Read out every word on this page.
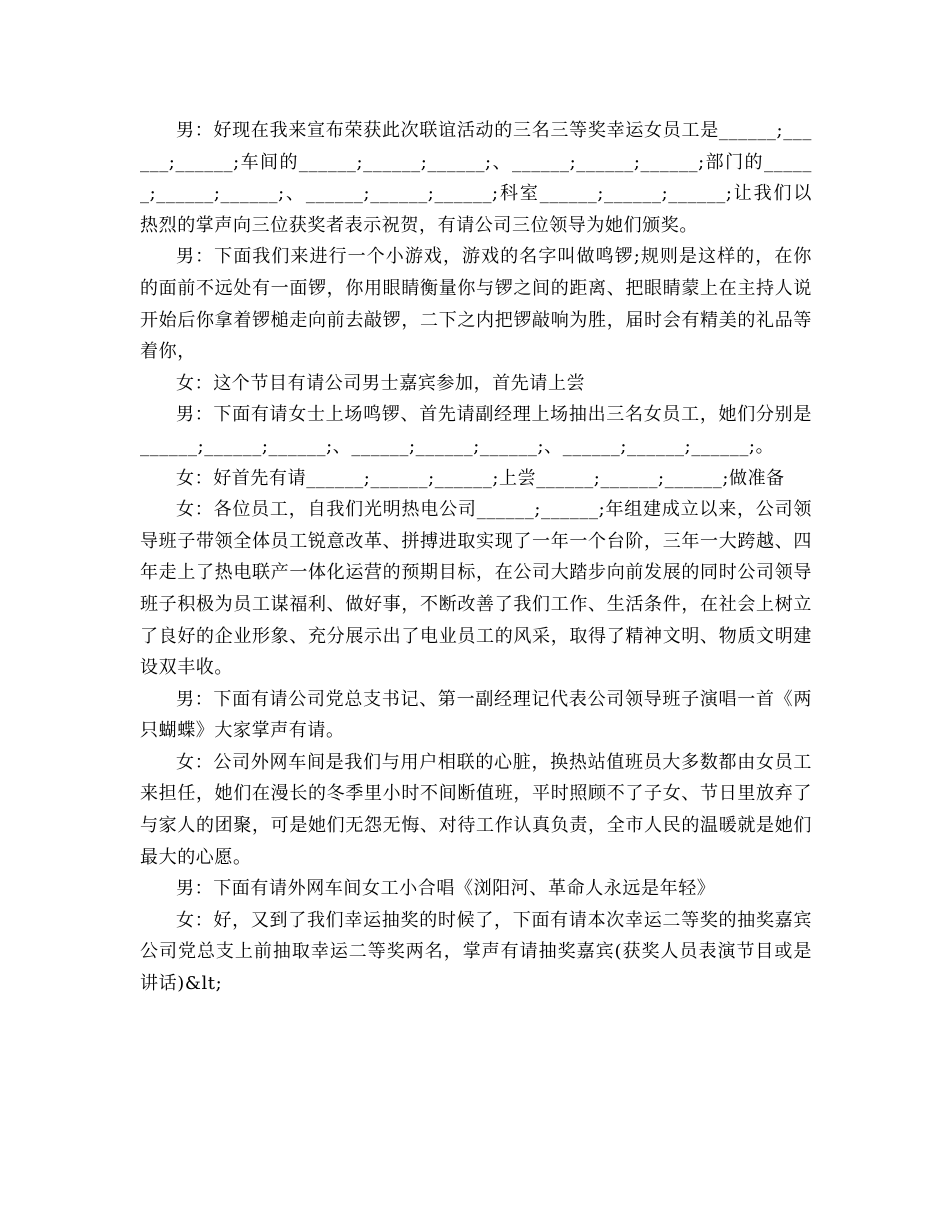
男：好现在我来宣布荣获此次联谊活动的三名三等奖幸运女员工是______;______;______;车间的______;______;______;、______;______;______;部门的______;______;______;、______;______;______;科室______;______;______;让我们以热烈的掌声向三位获奖者表示祝贺，有请公司三位领导为她们颁奖。

男：下面我们来进行一个小游戏，游戏的名字叫做鸣锣;规则是这样的，在你的面前不远处有一面锣，你用眼睛衡量你与锣之间的距离、把眼睛蒙上在主持人说开始后你拿着锣槌走向前去敲锣，二下之内把锣敲响为胜，届时会有精美的礼品等着你，

女：这个节目有请公司男士嘉宾参加，首先请上尝

男：下面有请女士上场鸣锣、首先请副经理上场抽出三名女员工，她们分别是______;______;______;、______;______;______;、______;______;______;。

女：好首先有请______;______;______;上尝______;______;______;做准备

女：各位员工，自我们光明热电公司______;______;年组建成立以来，公司领导班子带领全体员工锐意改革、拼搏进取实现了一年一个台阶，三年一大跨越、四年走上了热电联产一体化运营的预期目标，在公司大踏步向前发展的同时公司领导班子积极为员工谋福利、做好事，不断改善了我们工作、生活条件，在社会上树立了良好的企业形象、充分展示出了电业员工的风采，取得了精神文明、物质文明建设双丰收。

男：下面有请公司党总支书记、第一副经理记代表公司领导班子演唱一首《两只蝴蝶》大家掌声有请。

女：公司外网车间是我们与用户相联的心脏，换热站值班员大多数都由女员工来担任，她们在漫长的冬季里小时不间断值班，平时照顾不了子女、节日里放弃了与家人的团聚，可是她们无怨无悔、对待工作认真负责，全市人民的温暖就是她们最大的心愿。

男：下面有请外网车间女工小合唱《浏阳河、革命人永远是年轻》

女：好，又到了我们幸运抽奖的时候了，下面有请本次幸运二等奖的抽奖嘉宾公司党总支上前抽取幸运二等奖两名，掌声有请抽奖嘉宾(获奖人员表演节目或是讲话)&lt;
